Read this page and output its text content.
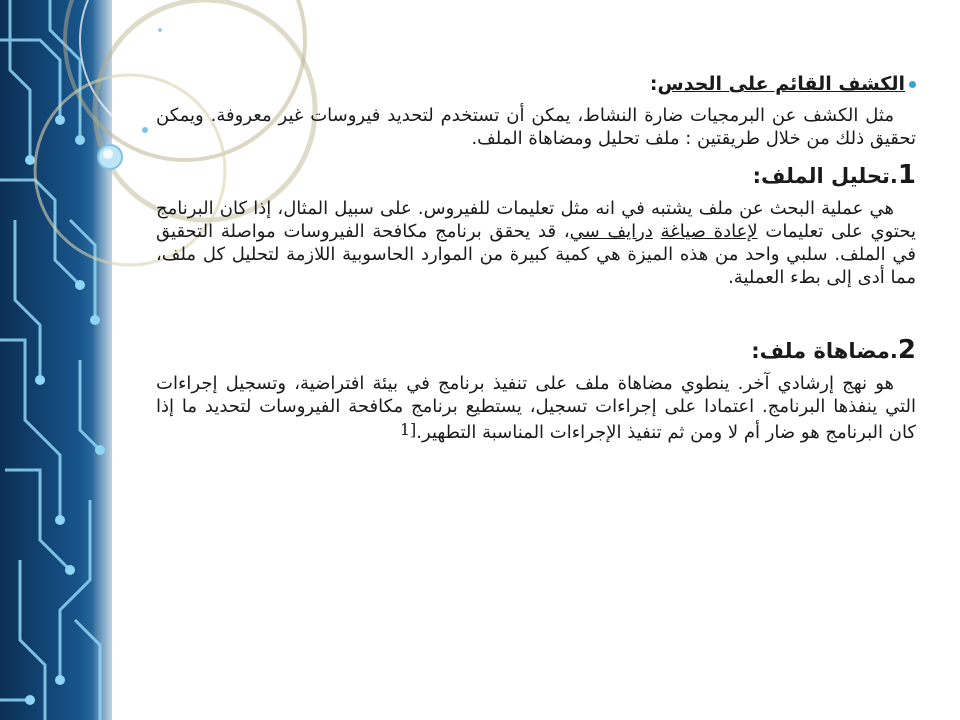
الكشف القائم على الحدس:

مثل الكشف عن البرمجيات ضارة النشاط، يمكن أن تستخدم لتحديد فيروسات غير معروفة. ويمكن تحقيق ذلك من خلال طريقتين : ملف تحليل ومضاهاة الملف.

1.تحليل الملف:

هي عملية البحث عن ملف يشتبه في انه مثل تعليمات للفيروس. على سبيل المثال، إذا كان البرنامج يحتوي على تعليمات لإعادة صياغة درايف سي، قد يحقق برنامج مكافحة الفيروسات مواصلة التحقيق في الملف. سلبي واحد من هذه الميزة هي كمية كبيرة من الموارد الحاسوبية اللازمة لتحليل كل ملف، مما أدى إلى بطء العملية.

2.مضاهاة ملف:

هو نهج إرشادي آخر. ينطوي مضاهاة ملف على تنفيذ برنامج في بيئة افتراضية، وتسجيل إجراءات التي ينفذها البرنامج. اعتمادا على إجراءات تسجيل، يستطيع برنامج مكافحة الفيروسات لتحديد ما إذا كان البرنامج هو ضار أم لا ومن ثم تنفيذ الإجراءات المناسبة التطهير.[1
